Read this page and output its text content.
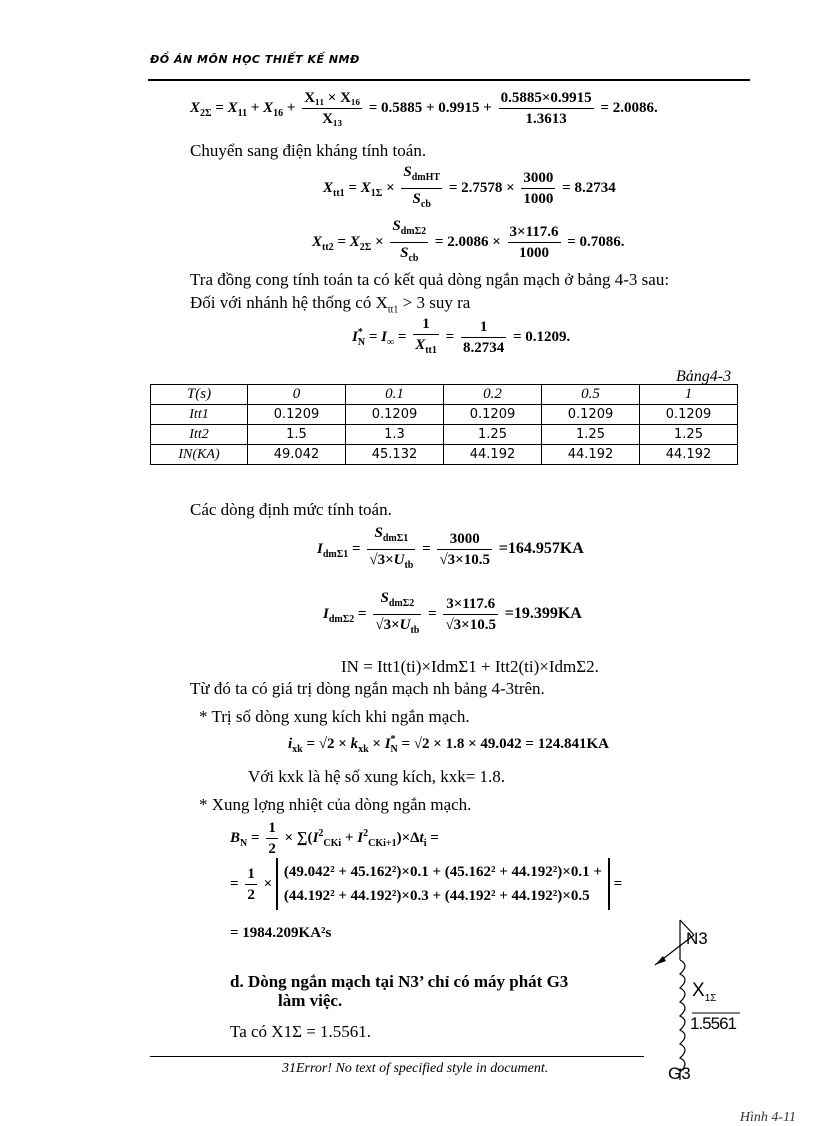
ĐỒ ÁN MÔN HỌC THIẾT KẾ NMĐ
$X_{2\Sigma} = X_{11} + X_{16} + \frac{\text{X₁₁ × X₁₆}}{\text{X₁₃}} = 0.5885 + 0.9915 + \frac{0.5885\times 0.9915}{1.3613} = 2.0086$.
Chuyển sang điện kháng tính toán.
$X_{tt1} = X_{1\Sigma} \times \frac{S_{dmHT}}{S_{cb}} = 2.7578 \times \frac{3000}{1000} = 8.2734$
$X_{tt2} = X_{2\Sigma} \times \frac{S_{dm\Sigma 2}}{S_{cb}} = 2.0086 \times \frac{3\times 117.6}{1000} = 0.7086$.
Tra đồng cong tính toán ta có kết quả dòng ngắn mạch ở bảng 4-3 sau:
Đối với nhánh hệ thống có $X_{tt1} > 3$ suy ra
$I^*_N = I_\infty = \frac{1}{X_{tt1}} = \frac{1}{8.2734} = 0.1209$.
Bảng4-3
T(s)	0	0.1	0.2	0.5	1
Itt1	0.1209	0.1209	0.1209	0.1209	0.1209
Itt2	1.5	1.3	1.25	1.25	1.25
IN(KA)	49.042	45.132	44.192	44.192	44.192
Các dòng định mức tính toán.
$I_{dm\Sigma 1} = \frac{S_{dm\Sigma 1}}{√3\times U_{tb}} = \frac{3000}{√3\times 10.5} =164.957KA$
$I_{dm\Sigma 2} = \frac{S_{dm\Sigma 2}}{√3\times U_{tb}} = \frac{3\times 117.6}{√3\times 10.5} =19.399KA$
IN = Itt1(ti)×IdmΣ1 + Itt2(ti)×IdmΣ2.
Từ đó ta có giá trị dòng ngắn mạch nh bảng 4-3trên.
* Trị số dòng xung kích khi ngắn mạch.
$i_{xk} = √2 \times k_{xk} \times I^*_N = √2 \times 1.8 \times 49.042 = 124.841KA$
Với kxk là hệ số xung kích, kxk= 1.8.
* Xung lợng nhiệt của dòng ngắn mạch.
$B_N = \frac{1}{2} \times \sum(I^2_{CKi} + I^2_{CKi+1})\times\Delta t_i$ =
= $\frac{1}{2}$ ×
(49.042² + 45.162²)×0.1 + (45.162² + 44.192²)×0.1 +
(44.192² + 44.192²)×0.3 + (44.192² + 44.192²)×0.5
=
= 1984.209KA²s
d. Dòng ngắn mạch tại N3’ chỉ có máy phát G3
làm việc.
Ta có X1Σ = 1.5561.
N3
$X_{1\Sigma}$
1.5561
G3
31Error! No text of specified style in document.
Hình 4-11
